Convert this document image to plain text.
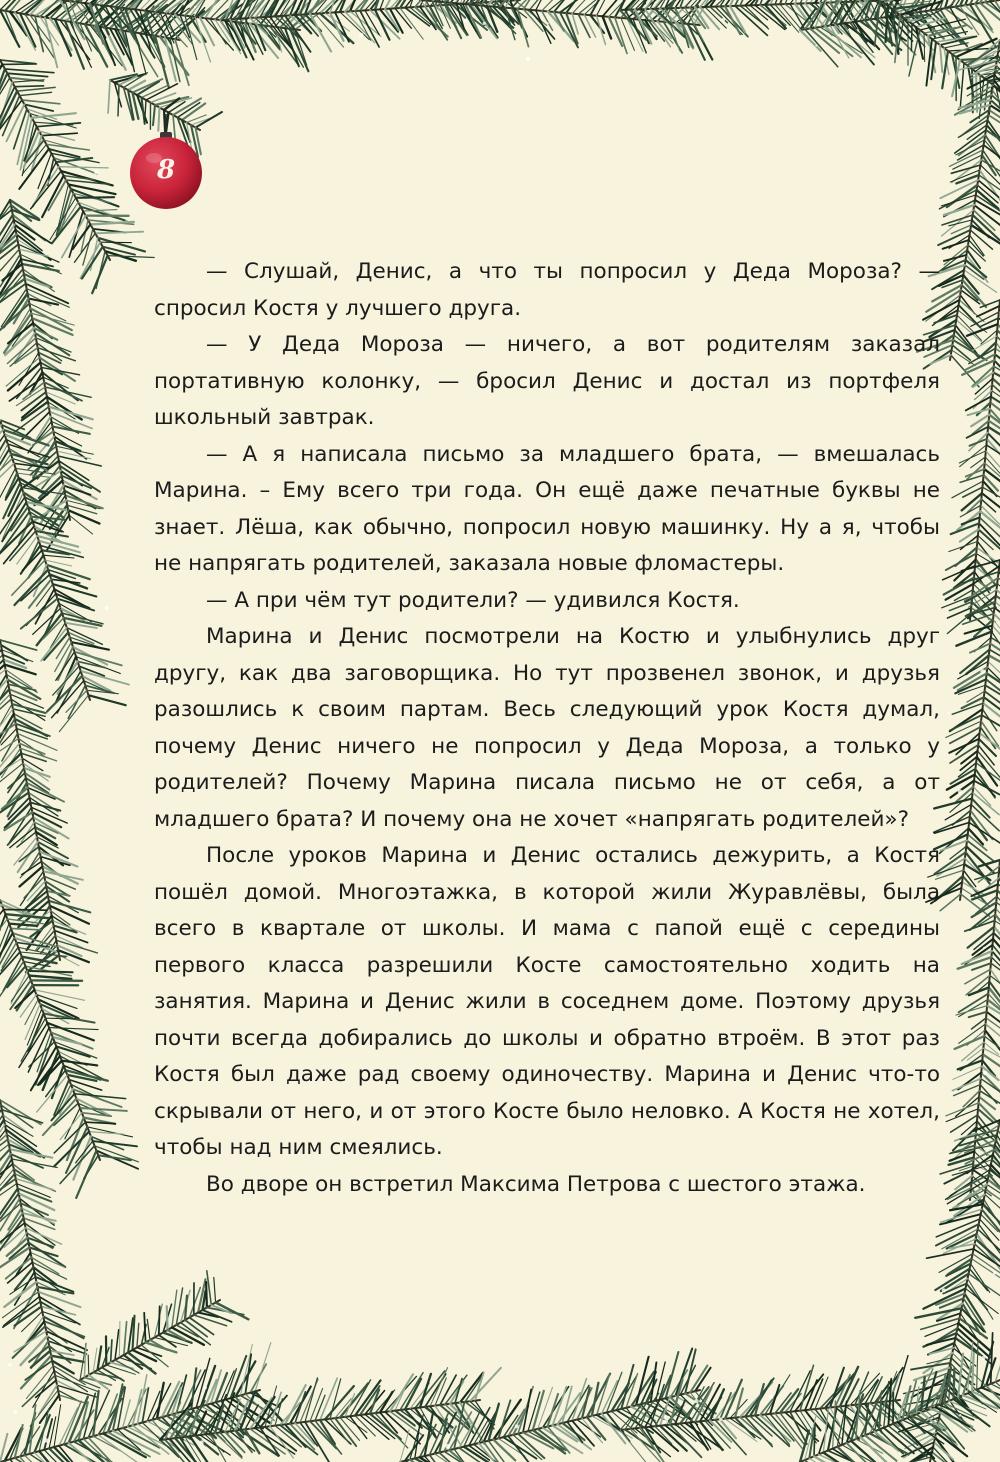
8

— Слушай, Денис, а что ты попросил у Деда Мороза? — спросил Костя у лучшего друга.

— У Деда Мороза — ничего, а вот родителям заказал портативную колонку, — бросил Денис и достал из портфеля школьный завтрак.

— А я написала письмо за младшего брата, — вмешалась Марина. – Ему всего три года. Он ещё даже печатные буквы не знает. Лёша, как обычно, попросил новую машинку. Ну а я, чтобы не напрягать родителей, заказала новые фломастеры.

— А при чём тут родители? — удивился Костя.

Марина и Денис посмотрели на Костю и улыбнулись друг другу, как два заговорщика. Но тут прозвенел звонок, и друзья разошлись к своим партам. Весь следующий урок Костя думал, почему Денис ничего не попросил у Деда Мороза, а только у родителей? Почему Марина писала письмо не от себя, а от младшего брата? И почему она не хочет «напрягать родителей»?

После уроков Марина и Денис остались дежурить, а Костя пошёл домой. Многоэтажка, в которой жили Журавлёвы, была всего в квартале от школы. И мама с папой ещё с середины первого класса разрешили Косте самостоятельно ходить на занятия. Марина и Денис жили в соседнем доме. Поэтому друзья почти всегда добирались до школы и обратно втроём. В этот раз Костя был даже рад своему одиночеству. Марина и Денис что-то скрывали от него, и от этого Косте было неловко. А Костя не хотел, чтобы над ним смеялись.

Во дворе он встретил Максима Петрова с шестого этажа.
